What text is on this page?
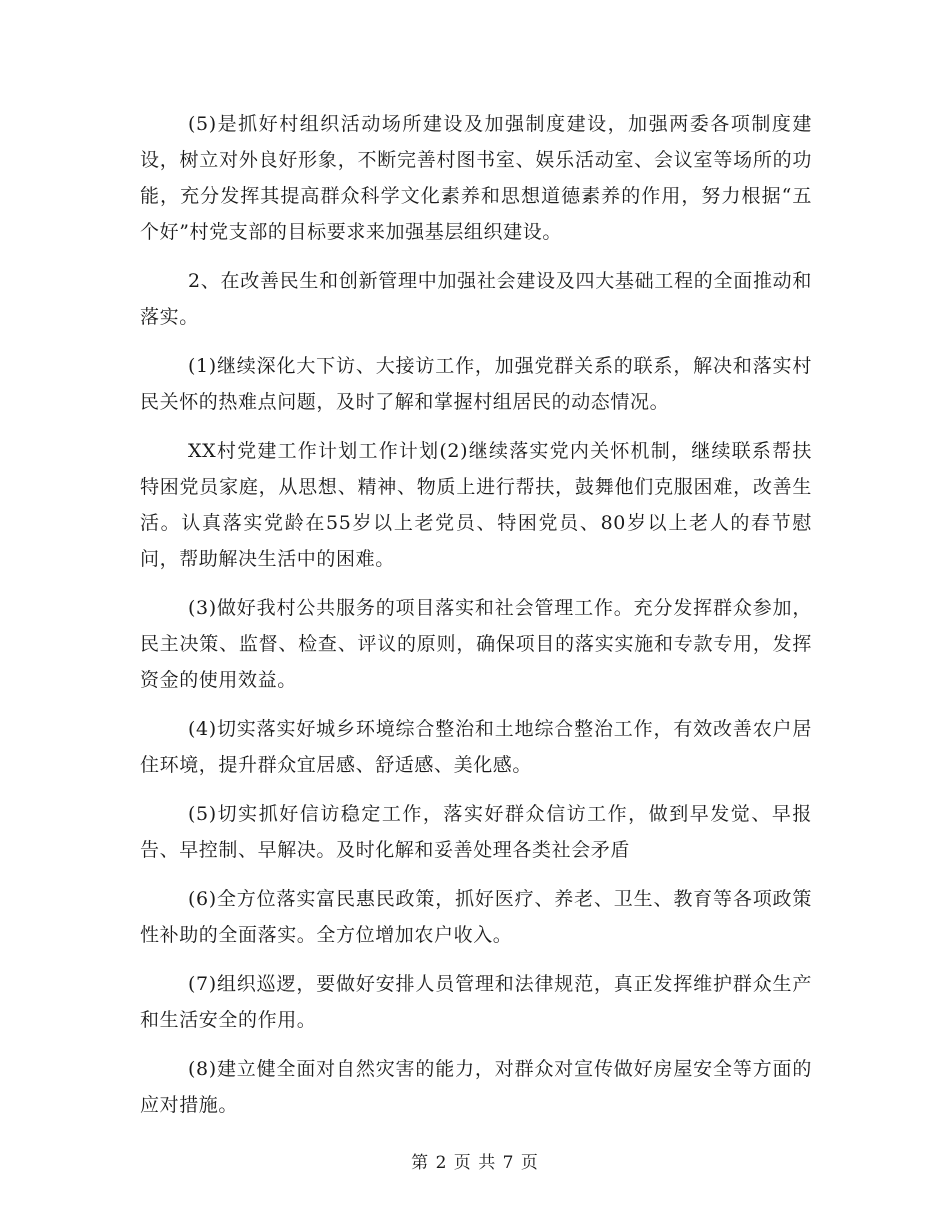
(5)是抓好村组织活动场所建设及加强制度建设，加强两委各项制度建设，树立对外良好形象，不断完善村图书室、娱乐活动室、会议室等场所的功能，充分发挥其提高群众科学文化素养和思想道德素养的作用，努力根据“五个好”村党支部的目标要求来加强基层组织建设。

2、在改善民生和创新管理中加强社会建设及四大基础工程的全面推动和落实。

(1)继续深化大下访、大接访工作，加强党群关系的联系，解决和落实村民关怀的热难点问题，及时了解和掌握村组居民的动态情况。

XX村党建工作计划工作计划(2)继续落实党内关怀机制，继续联系帮扶特困党员家庭，从思想、精神、物质上进行帮扶，鼓舞他们克服困难，改善生活。认真落实党龄在55岁以上老党员、特困党员、80岁以上老人的春节慰问，帮助解决生活中的困难。

(3)做好我村公共服务的项目落实和社会管理工作。充分发挥群众参加，民主决策、监督、检查、评议的原则，确保项目的落实实施和专款专用，发挥资金的使用效益。

(4)切实落实好城乡环境综合整治和土地综合整治工作，有效改善农户居住环境，提升群众宜居感、舒适感、美化感。

(5)切实抓好信访稳定工作，落实好群众信访工作，做到早发觉、早报告、早控制、早解决。及时化解和妥善处理各类社会矛盾

(6)全方位落实富民惠民政策，抓好医疗、养老、卫生、教育等各项政策性补助的全面落实。全方位增加农户收入。

(7)组织巡逻，要做好安排人员管理和法律规范，真正发挥维护群众生产和生活安全的作用。

(8)建立健全面对自然灾害的能力，对群众对宣传做好房屋安全等方面的应对措施。

第 2 页 共 7 页
